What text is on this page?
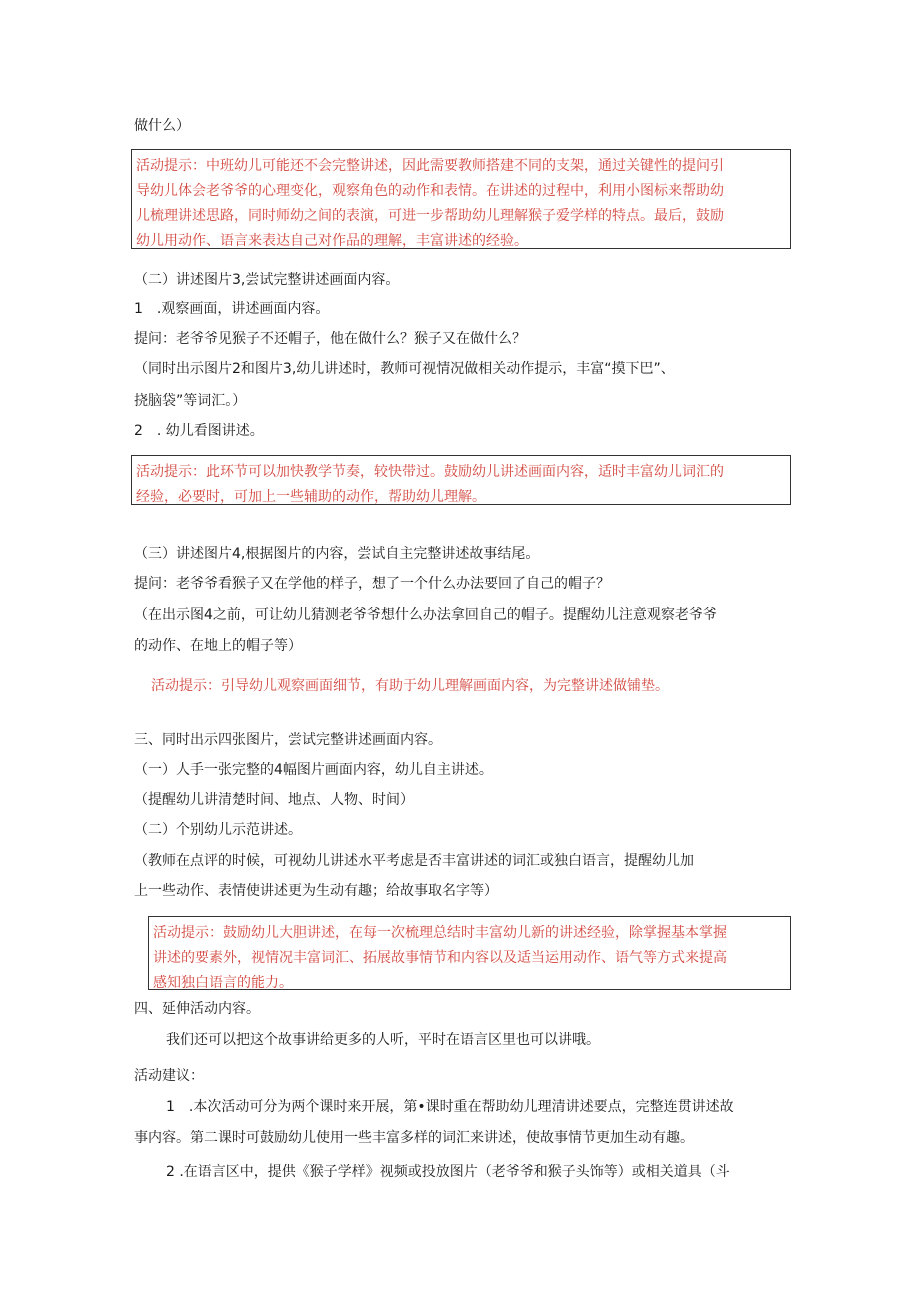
做什么）
活动提示：中班幼儿可能还不会完整讲述，因此需要教师搭建不同的支架，通过关键性的提问引
导幼儿体会老爷爷的心理变化，观察角色的动作和表情。在讲述的过程中，利用小图标来帮助幼
儿梳理讲述思路，同时师幼之间的表演，可进一步帮助幼儿理解猴子爱学样的特点。最后，鼓励
幼儿用动作、语言来表达自己对作品的理解，丰富讲述的经验。
（二）讲述图片3,尝试完整讲述画面内容。
1　.观察画面，讲述画面内容。
提问：老爷爷见猴子不还帽子，他在做什么？猴子又在做什么？
（同时出示图片2和图片3,幼儿讲述时，教师可视情况做相关动作提示，丰富“摸下巴”、
挠脑袋”等词汇。）
2　. 幼儿看图讲述。
活动提示：此环节可以加快教学节奏，较快带过。鼓励幼儿讲述画面内容，适时丰富幼儿词汇的
经验，必要时，可加上一些辅助的动作，帮助幼儿理解。
（三）讲述图片4,根据图片的内容，尝试自主完整讲述故事结尾。
提问：老爷爷看猴子又在学他的样子，想了一个什么办法要回了自己的帽子？
（在出示图4之前，可让幼儿猜测老爷爷想什么办法拿回自己的帽子。提醒幼儿注意观察老爷爷
的动作、在地上的帽子等）
活动提示：引导幼儿观察画面细节，有助于幼儿理解画面内容，为完整讲述做铺垫。
三、同时出示四张图片，尝试完整讲述画面内容。
（一）人手一张完整的4幅图片画面内容，幼儿自主讲述。
（提醒幼儿讲清楚时间、地点、人物、时间）
（二）个别幼儿示范讲述。
（教师在点评的时候，可视幼儿讲述水平考虑是否丰富讲述的词汇或独白语言，提醒幼儿加
上一些动作、表情使讲述更为生动有趣；给故事取名字等）
活动提示：鼓励幼儿大胆讲述，在每一次梳理总结时丰富幼儿新的讲述经验，除掌握基本掌握
讲述的要素外，视情况丰富词汇、拓展故事情节和内容以及适当运用动作、语气等方式来提高
感知独白语言的能力。
四、延伸活动内容。
我们还可以把这个故事讲给更多的人听，平时在语言区里也可以讲哦。
活动建议：
1　.本次活动可分为两个课时来开展，第•课时重在帮助幼儿理清讲述要点，完整连贯讲述故
事内容。第二课时可鼓励幼儿使用一些丰富多样的词汇来讲述，使故事情节更加生动有趣。
2 .在语言区中，提供《猴子学样》视频或投放图片（老爷爷和猴子头饰等）或相关道具（斗
